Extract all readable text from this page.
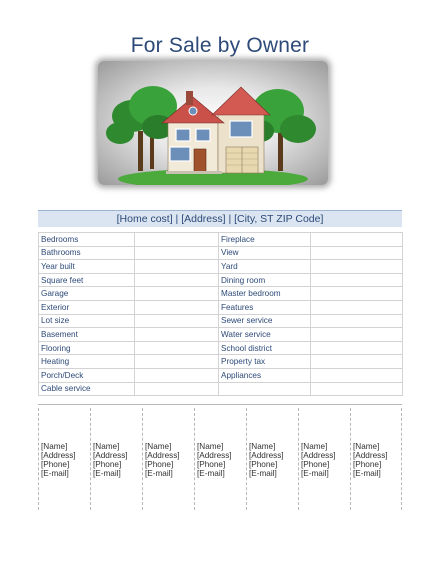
For Sale by Owner
[Home cost] | [Address] | [City, ST ZIP Code]
Bedrooms		Fireplace	
Bathrooms		View	
Year built		Yard	
Square feet		Dining room	
Garage		Master bedroom	
Exterior		Features	
Lot size		Sewer service	
Basement		Water service	
Flooring		School district	
Heating		Property tax	
Porch/Deck		Appliances	
Cable service			
[Name]
[Address]
[Phone]
[E-mail]
[Name]
[Address]
[Phone]
[E-mail]
[Name]
[Address]
[Phone]
[E-mail]
[Name]
[Address]
[Phone]
[E-mail]
[Name]
[Address]
[Phone]
[E-mail]
[Name]
[Address]
[Phone]
[E-mail]
[Name]
[Address]
[Phone]
[E-mail]
